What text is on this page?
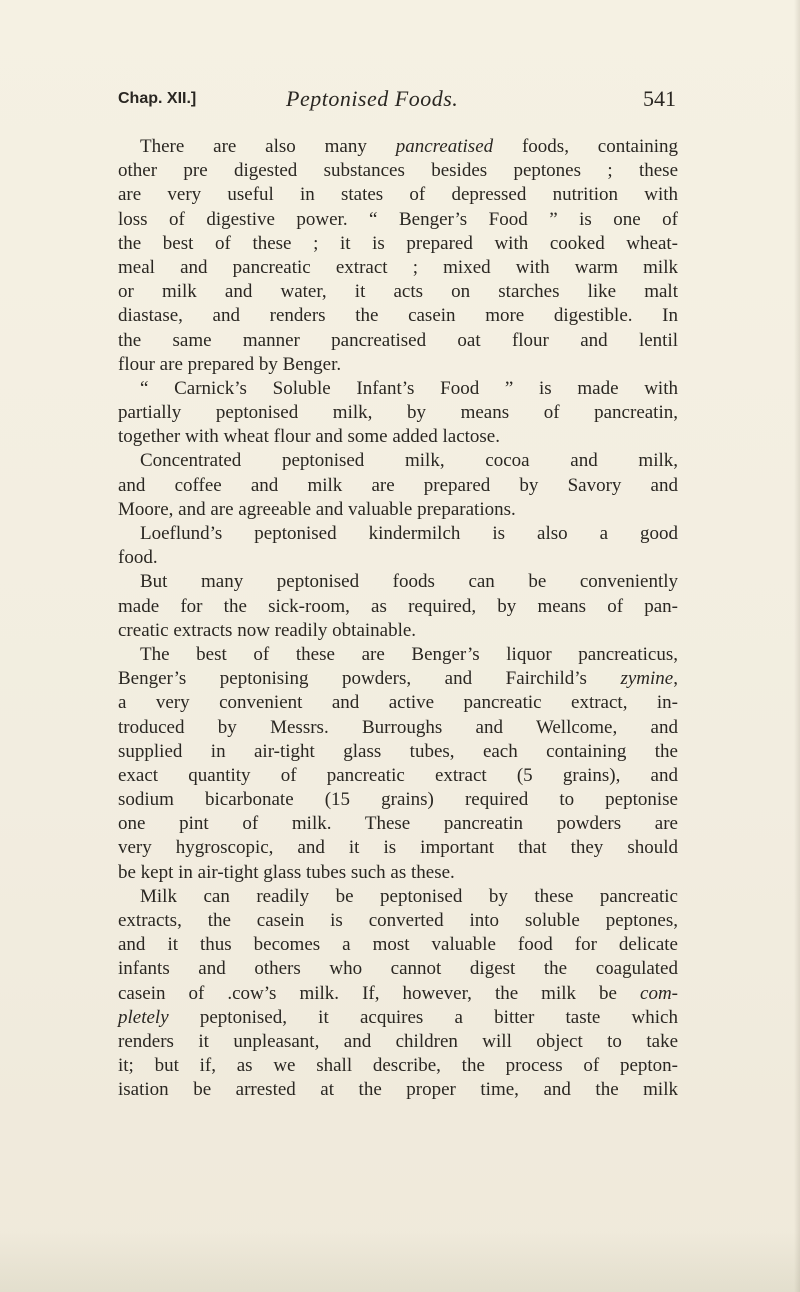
Chap. XII.]	Peptonised Foods.	541
There are also many pancreatised foods, containing
other pre digested substances besides peptones ; these
are very useful in states of depressed nutrition with
loss of digestive power. “ Benger’s Food ” is one of
the best of these ; it is prepared with cooked wheat-
meal and pancreatic extract ; mixed with warm milk
or milk and water, it acts on starches like malt
diastase, and renders the casein more digestible. In
the same manner pancreatised oat flour and lentil
flour are prepared by Benger.
“ Carnick’s Soluble Infant’s Food ” is made with
partially peptonised milk, by means of pancreatin,
together with wheat flour and some added lactose.
Concentrated peptonised milk, cocoa and milk,
and coffee and milk are prepared by Savory and
Moore, and are agreeable and valuable preparations.
Loeflund’s peptonised kindermilch is also a good
food.
But many peptonised foods can be conveniently
made for the sick-room, as required, by means of pan-
creatic extracts now readily obtainable.
The best of these are Benger’s liquor pancreaticus,
Benger’s peptonising powders, and Fairchild’s zymine,
a very convenient and active pancreatic extract, in-
troduced by Messrs. Burroughs and Wellcome, and
supplied in air-tight glass tubes, each containing the
exact quantity of pancreatic extract (5 grains), and
sodium bicarbonate (15 grains) required to peptonise
one pint of milk. These pancreatin powders are
very hygroscopic, and it is important that they should
be kept in air-tight glass tubes such as these.
Milk can readily be peptonised by these pancreatic
extracts, the casein is converted into soluble peptones,
and it thus becomes a most valuable food for delicate
infants and others who cannot digest the coagulated
casein of .cow’s milk. If, however, the milk be com-
pletely peptonised, it acquires a bitter taste which
renders it unpleasant, and children will object to take
it; but if, as we shall describe, the process of pepton-
isation be arrested at the proper time, and the milk
